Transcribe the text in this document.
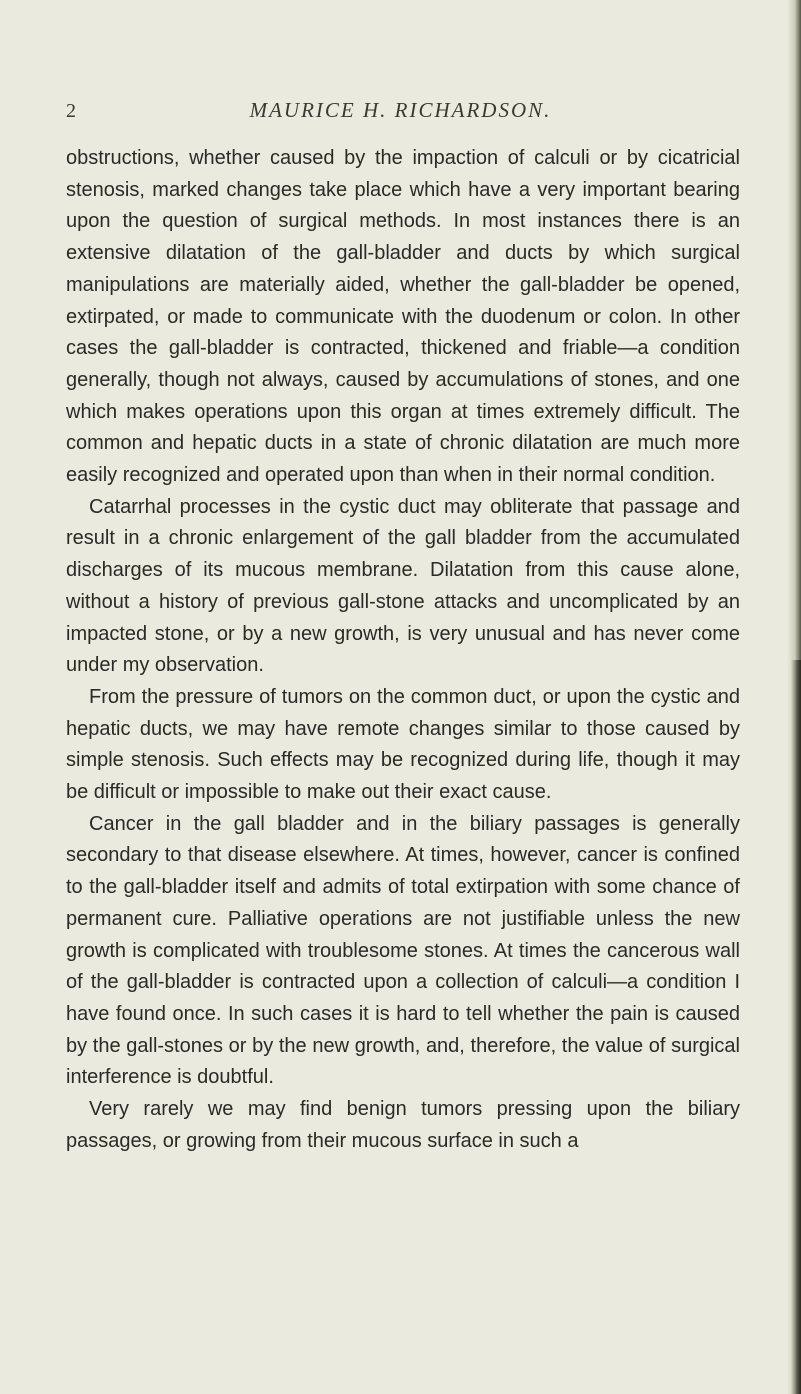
2	MAURICE H. RICHARDSON.

obstructions, whether caused by the impaction of calculi or by cicatricial stenosis, marked changes take place which have a very important bearing upon the question of surgical methods. In most instances there is an extensive dilatation of the gall-bladder and ducts by which surgical manipulations are materially aided, whether the gall-bladder be opened, extirpated, or made to communicate with the duodenum or colon. In other cases the gall-bladder is contracted, thickened and friable—a condition generally, though not always, caused by accumulations of stones, and one which makes operations upon this organ at times extremely difficult. The common and hepatic ducts in a state of chronic dilatation are much more easily recognized and operated upon than when in their normal condition.

Catarrhal processes in the cystic duct may obliterate that passage and result in a chronic enlargement of the gall bladder from the accumulated discharges of its mucous membrane. Dilatation from this cause alone, without a history of previous gall-stone attacks and uncomplicated by an impacted stone, or by a new growth, is very unusual and has never come under my observation.

From the pressure of tumors on the common duct, or upon the cystic and hepatic ducts, we may have remote changes similar to those caused by simple stenosis. Such effects may be recognized during life, though it may be difficult or impossible to make out their exact cause.

Cancer in the gall bladder and in the biliary passages is generally secondary to that disease elsewhere. At times, however, cancer is confined to the gall-bladder itself and admits of total extirpation with some chance of permanent cure. Palliative operations are not justifiable unless the new growth is complicated with troublesome stones. At times the cancerous wall of the gall-bladder is contracted upon a collection of calculi—a condition I have found once. In such cases it is hard to tell whether the pain is caused by the gall-stones or by the new growth, and, therefore, the value of surgical interference is doubtful.

Very rarely we may find benign tumors pressing upon the biliary passages, or growing from their mucous surface in such a
